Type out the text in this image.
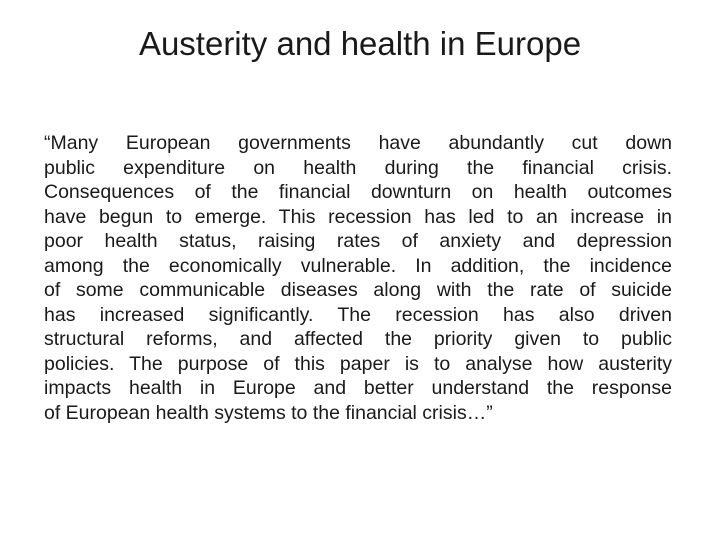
Austerity and health in Europe
“Many European governments have abundantly cut down
public expenditure on health during the financial crisis.
Consequences of the financial downturn on health outcomes
have begun to emerge. This recession has led to an increase in
poor health status, raising rates of anxiety and depression
among the economically vulnerable. In addition, the incidence
of some communicable diseases along with the rate of suicide
has increased significantly. The recession has also driven
structural reforms, and affected the priority given to public
policies. The purpose of this paper is to analyse how austerity
impacts health in Europe and better understand the response
of European health systems to the financial crisis…”
